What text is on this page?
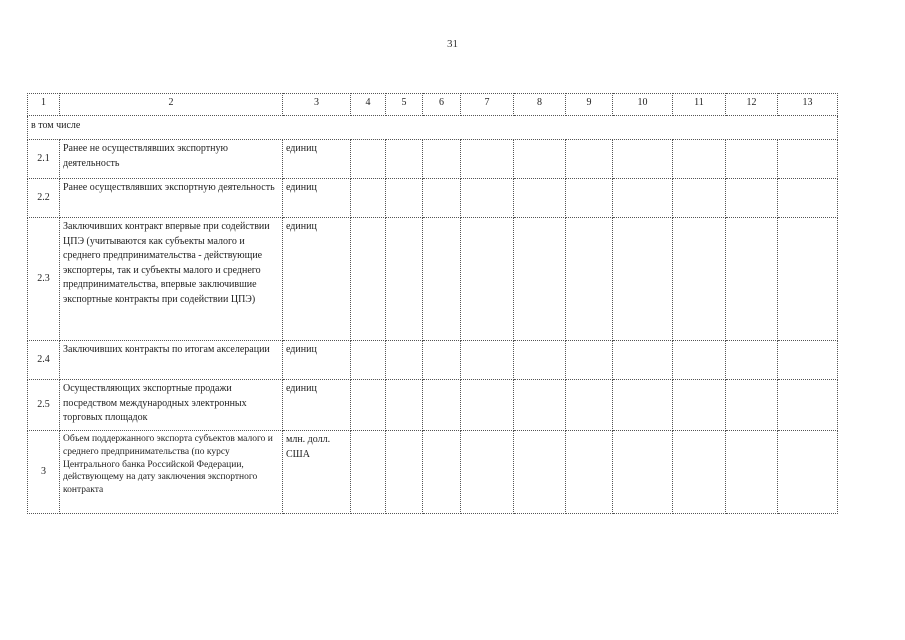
31
1	2	3	4	5	6	7	8	9	10	11	12	13
в том числе												
2.1	Ранее не осуществлявших экспортную деятельность	единиц										
2.2	Ранее осуществлявших экспортную деятельность	единиц										
2.3	Заключивших контракт впервые при содействии ЦПЭ (учитываются как субъекты малого и среднего предпринимательства - действующие экспортеры, так и субъекты малого и среднего предпринимательства, впервые заключившие экспортные контракты при содействии ЦПЭ)	единиц										
2.4	Заключивших контракты по итогам акселерации	единиц										
2.5	Осуществляющих экспортные продажи посредством международных электронных торговых площадок	единиц										
3	Объем поддержанного экспорта субъектов малого и среднего предпринимательства (по курсу Центрального банка Российской Федерации, действующему на дату заключения экспортного контракта	млн. долл. США										
